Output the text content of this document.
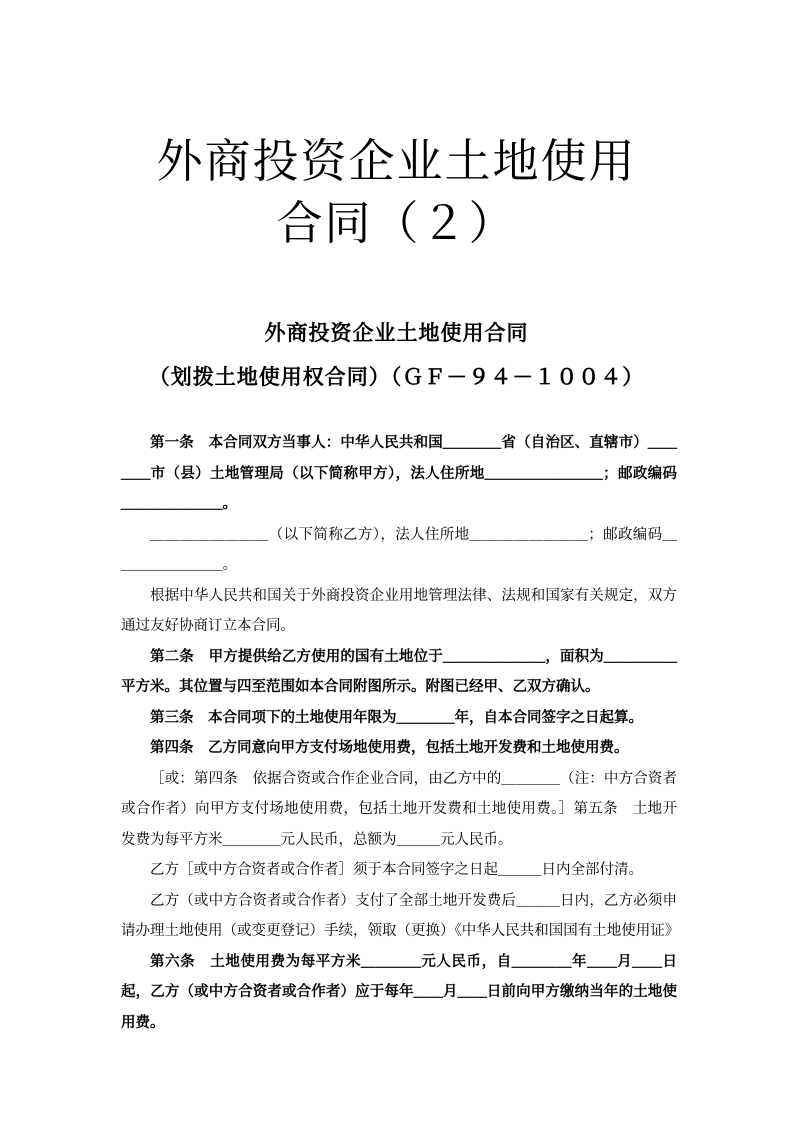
外商投资企业土地使用
合同（２）
外商投资企业土地使用合同
（划拨土地使用权合同）（ＧＦ－９４－１００４）

第一条　本合同双方当事人：中华人民共和国＿＿＿＿省（自治区、直辖市）＿＿＿＿市（县）土地管理局（以下简称甲方），法人住所地＿＿＿＿＿＿＿＿；邮政编码＿＿＿＿＿＿＿。

＿＿＿＿＿＿＿＿（以下简称乙方），法人住所地＿＿＿＿＿＿＿＿；邮政编码＿＿＿＿＿＿＿＿。

根据中华人民共和国关于外商投资企业用地管理法律、法规和国家有关规定，双方通过友好协商订立本合同。

第二条　甲方提供给乙方使用的国有土地位于＿＿＿＿＿＿＿，面积为＿＿＿＿＿平方米。其位置与四至范围如本合同附图所示。附图已经甲、乙双方确认。

第三条　本合同项下的土地使用年限为＿＿＿＿年，自本合同签字之日起算。

第四条　乙方同意向甲方支付场地使用费，包括土地开发费和土地使用费。

［或：第四条　依据合资或合作企业合同，由乙方中的＿＿＿＿（注：中方合资者或合作者）向甲方支付场地使用费，包括土地开发费和土地使用费。］第五条　土地开发费为每平方米＿＿＿＿元人民币，总额为＿＿＿元人民币。

乙方［或中方合资者或合作者］须于本合同签字之日起＿＿＿日内全部付清。

乙方（或中方合资者或合作者）支付了全部土地开发费后＿＿＿日内，乙方必须申请办理土地使用（或变更登记）手续，领取（更换）《中华人民共和国国有土地使用证》

第六条　土地使用费为每平方米＿＿＿＿元人民币，自＿＿＿＿年＿＿月＿＿日起，乙方（或中方合资者或合作者）应于每年＿＿月＿＿日前向甲方缴纳当年的土地使用费。
